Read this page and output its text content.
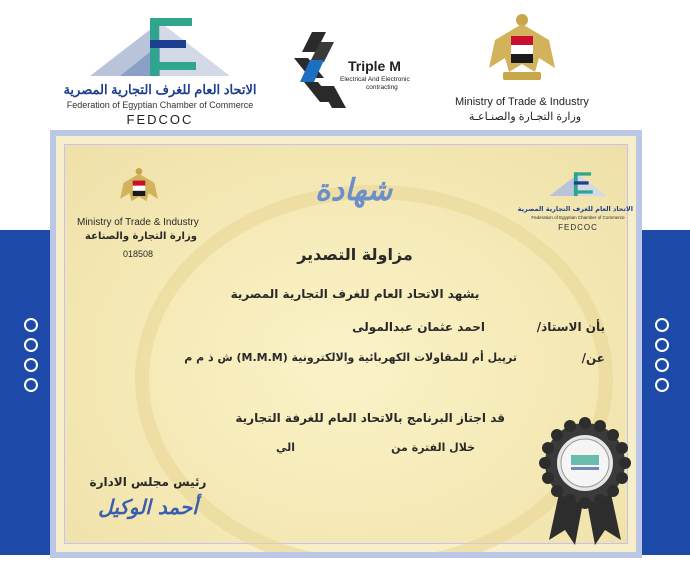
الاتحاد العام للغرف التجارية المصرية
Federation of Egyptian Chamber of Commerce
FEDCOC
Triple M
Electrical And Electronic
contracting
Ministry of Trade & Industry
وزارة التجـارة والصنـاعـة
Ministry of Trade & Industry
وزارة التجارة والصناعة
018508
شهادة
الاتحاد العام للغرف التجارية المصرية
Federation of Egyptian Chamber of Commerce
FEDCOC
مزاولة التصدير
يشهد الاتحاد العام للغرف التجارية المصرية
بأن الاستاذ/
احمد عثمان عبدالمولى
عن/
ترپيل أم للمقاولات الكهربائية والالكترونية (M.M.M) ش ذ م م
قد اجتاز البرنامج بالاتحاد العام للغرفة التجارية
خلال الفترة من
الي
رئيس مجلس الادارة
أحمد الوكيل
